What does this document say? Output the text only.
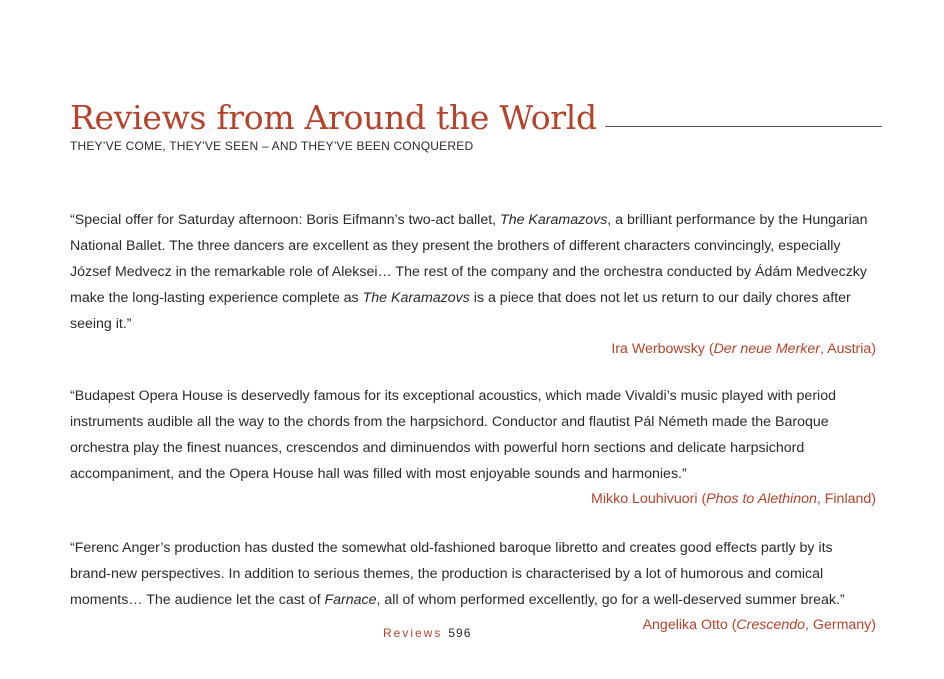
Reviews from Around the World
THEY’VE COME, THEY’VE SEEN – AND THEY’VE BEEN CONQUERED

“Special offer for Saturday afternoon: Boris Eifmann’s two-act ballet, The Karamazovs, a brilliant performance by the Hungarian National Ballet. The three dancers are excellent as they present the brothers of different characters convincingly, especially József Medvecz in the remarkable role of Aleksei… The rest of the company and the orchestra conducted by Ádám Medveczky make the long-lasting experience complete as The Karamazovs is a piece that does not let us return to our daily chores after seeing it.”

Ira Werbowsky (Der neue Merker, Austria)

“Budapest Opera House is deservedly famous for its exceptional acoustics, which made Vivaldi’s music played with period instruments audible all the way to the chords from the harpsichord. Conductor and flautist Pál Németh made the Baroque orchestra play the finest nuances, crescendos and diminuendos with powerful horn sections and delicate harpsichord accompaniment, and the Opera House hall was filled with most enjoyable sounds and harmonies.”

Mikko Louhivuori (Phos to Alethinon, Finland)

“Ferenc Anger’s production has dusted the somewhat old-fashioned baroque libretto and creates good effects partly by its brand-new perspectives. In addition to serious themes, the production is characterised by a lot of humorous and comical moments… The audience let the cast of Farnace, all of whom performed excellently, go for a well-deserved summer break.”

Angelika Otto (Crescendo, Germany)

Reviews 596
